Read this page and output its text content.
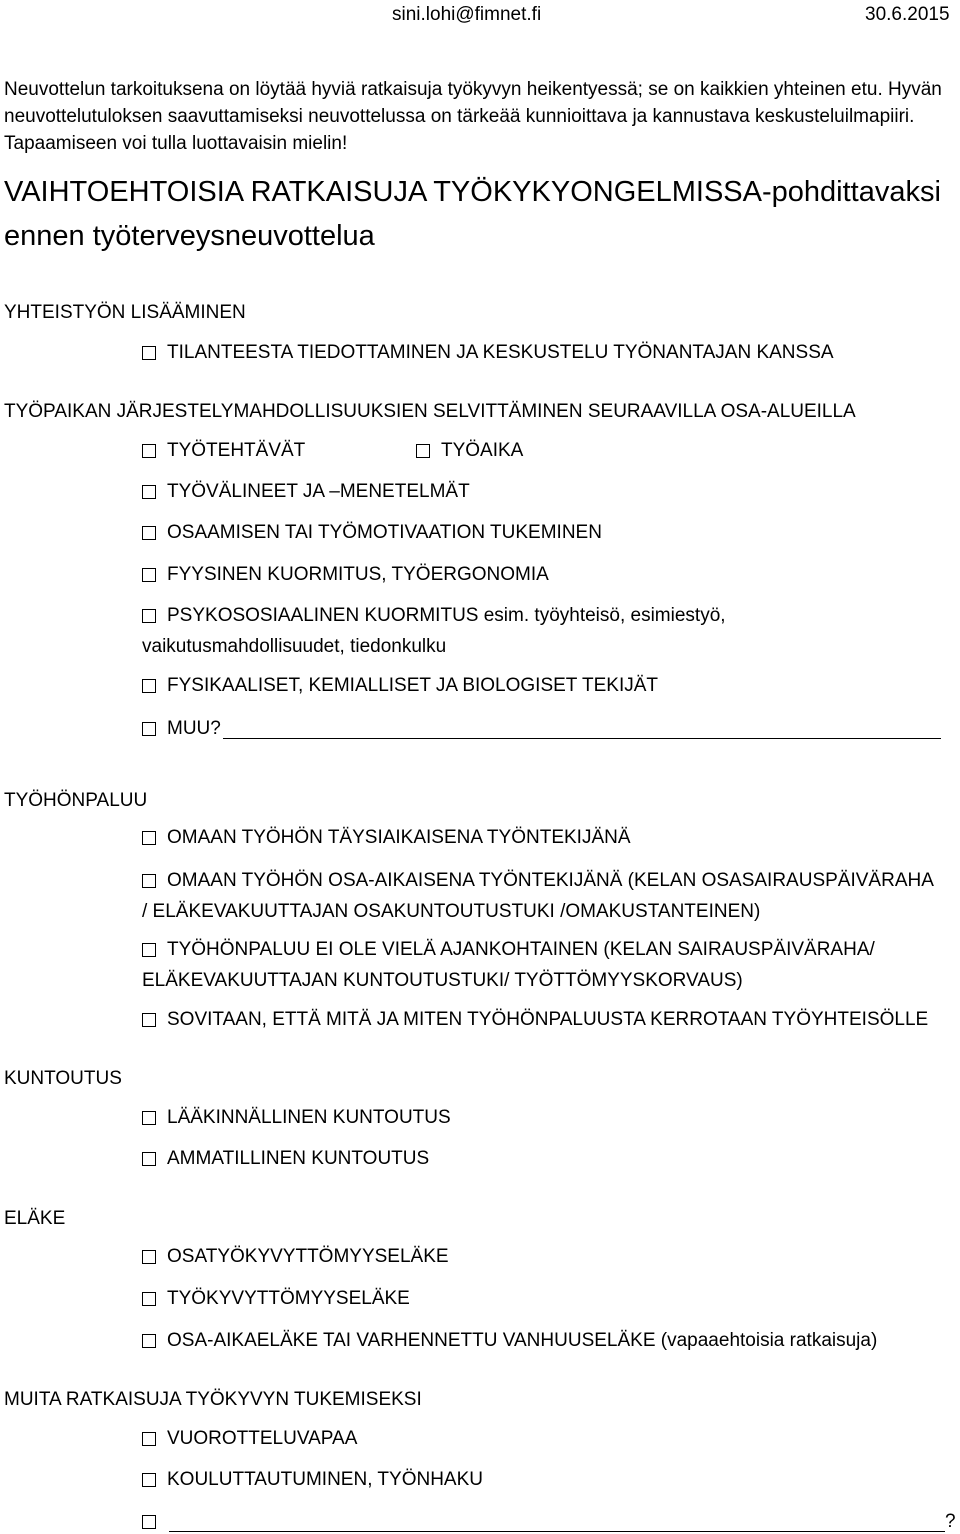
sini.lohi@fimnet.fi	30.6.2015
Neuvottelun tarkoituksena on löytää hyviä ratkaisuja työkyvyn heikentyessä; se on kaikkien yhteinen etu. Hyvän neuvottelutuloksen saavuttamiseksi neuvottelussa on tärkeää kunnioittava ja kannustava keskusteluilmapiiri. Tapaamiseen voi tulla luottavaisin mielin!
VAIHTOEHTOISIA RATKAISUJA TYÖKYKYONGELMISSA-pohdittavaksi ennen työterveysneuvottelua
YHTEISTYÖN LISÄÄMINEN
TILANTEESTA TIEDOTTAMINEN JA KESKUSTELU TYÖNANTAJAN KANSSA
TYÖPAIKAN JÄRJESTELYMAHDOLLISUUKSIEN SELVITTÄMINEN SEURAAVILLA OSA-ALUEILLA
TYÖTEHTÄVÄT	TYÖAIKA
TYÖVÄLINEET JA –MENETELMÄT
OSAAMISEN TAI TYÖMOTIVAATION TUKEMINEN
FYYSINEN KUORMITUS, TYÖERGONOMIA
PSYKOSOSIAALINEN KUORMITUS esim. työyhteisö, esimiestyö,
vaikutusmahdollisuudet, tiedonkulku
FYSIKAALISET, KEMIALLISET JA BIOLOGISET TEKIJÄT
MUU?
TYÖHÖNPALUU
OMAAN TYÖHÖN TÄYSIAIKAISENA TYÖNTEKIJÄNÄ
OMAAN TYÖHÖN OSA-AIKAISENA TYÖNTEKIJÄNÄ (KELAN OSASAIRAUSPÄIVÄRAHA
/ ELÄKEVAKUUTTAJAN OSAKUNTOUTUSTUKI /OMAKUSTANTEINEN)
TYÖHÖNPALUU EI OLE VIELÄ AJANKOHTAINEN (KELAN SAIRAUSPÄIVÄRAHA/
ELÄKEVAKUUTTAJAN KUNTOUTUSTUKI/ TYÖTTÖMYYSKORVAUS)
SOVITAAN, ETTÄ MITÄ JA MITEN TYÖHÖNPALUUSTA KERROTAAN TYÖYHTEISÖLLE
KUNTOUTUS
LÄÄKINNÄLLINEN KUNTOUTUS
AMMATILLINEN KUNTOUTUS
ELÄKE
OSATYÖKYVYTTÖMYYSELÄKE
TYÖKYVYTTÖMYYSELÄKE
OSA-AIKAELÄKE TAI VARHENNETTU VANHUUSELÄKE (vapaaehtoisia ratkaisuja)
MUITA RATKAISUJA TYÖKYVYN TUKEMISEKSI
VUOROTTELUVAPAA
KOULUTTAUTUMINEN, TYÖNHAKU
?
